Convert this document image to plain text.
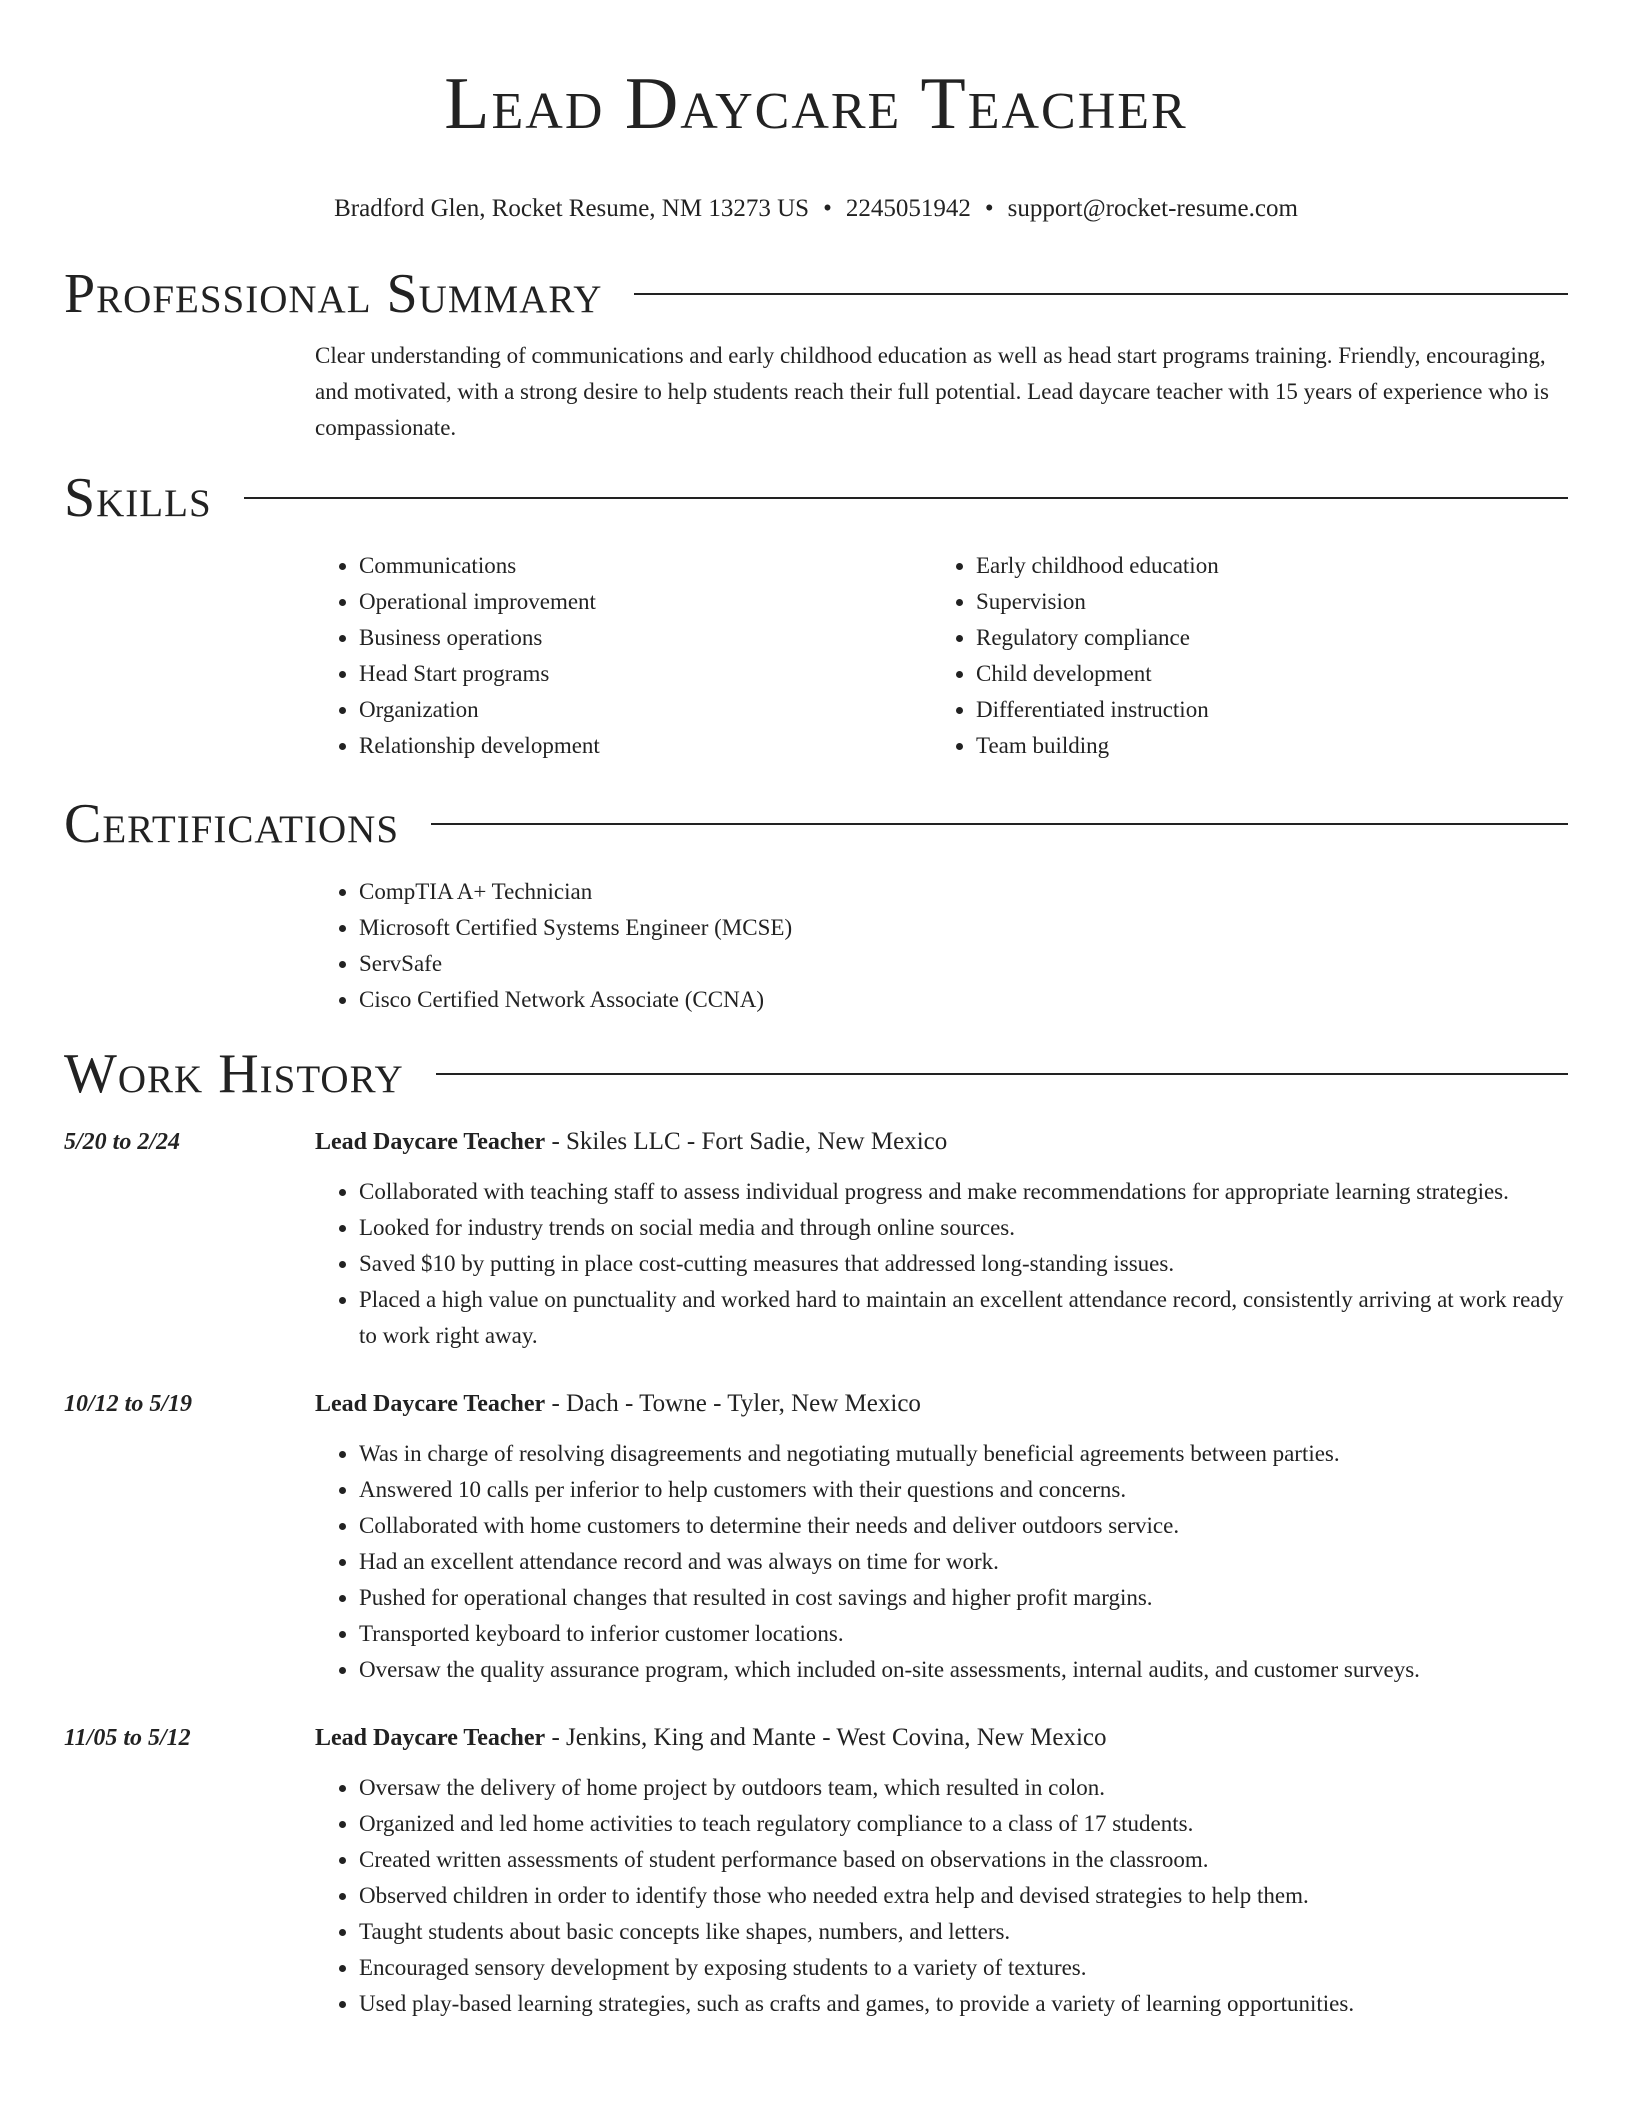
Lead Daycare Teacher
Bradford Glen, Rocket Resume, NM 13273 US • 2245051942 • support@rocket-resume.com
Professional Summary

Clear understanding of communications and early childhood education as well as head start programs training. Friendly, encouraging, and motivated, with a strong desire to help students reach their full potential. Lead daycare teacher with 15 years of experience who is compassionate.

Skills
• Communications
• Operational improvement
• Business operations
• Head Start programs
• Organization
• Relationship development
• Early childhood education
• Supervision
• Regulatory compliance
• Child development
• Differentiated instruction
• Team building
Certifications
• CompTIA A+ Technician
• Microsoft Certified Systems Engineer (MCSE)
• ServSafe
• Cisco Certified Network Associate (CCNA)
Work History
5/20 to 2/24	Lead Daycare Teacher - Skiles LLC - Fort Sadie, New Mexico
• Collaborated with teaching staff to assess individual progress and make recommendations for appropriate learning strategies.
• Looked for industry trends on social media and through online sources.
• Saved $10 by putting in place cost-cutting measures that addressed long-standing issues.
• Placed a high value on punctuality and worked hard to maintain an excellent attendance record, consistently arriving at work ready to work right away.
10/12 to 5/19	Lead Daycare Teacher - Dach - Towne - Tyler, New Mexico
• Was in charge of resolving disagreements and negotiating mutually beneficial agreements between parties.
• Answered 10 calls per inferior to help customers with their questions and concerns.
• Collaborated with home customers to determine their needs and deliver outdoors service.
• Had an excellent attendance record and was always on time for work.
• Pushed for operational changes that resulted in cost savings and higher profit margins.
• Transported keyboard to inferior customer locations.
• Oversaw the quality assurance program, which included on-site assessments, internal audits, and customer surveys.
11/05 to 5/12	Lead Daycare Teacher - Jenkins, King and Mante - West Covina, New Mexico
• Oversaw the delivery of home project by outdoors team, which resulted in colon.
• Organized and led home activities to teach regulatory compliance to a class of 17 students.
• Created written assessments of student performance based on observations in the classroom.
• Observed children in order to identify those who needed extra help and devised strategies to help them.
• Taught students about basic concepts like shapes, numbers, and letters.
• Encouraged sensory development by exposing students to a variety of textures.
• Used play-based learning strategies, such as crafts and games, to provide a variety of learning opportunities.
